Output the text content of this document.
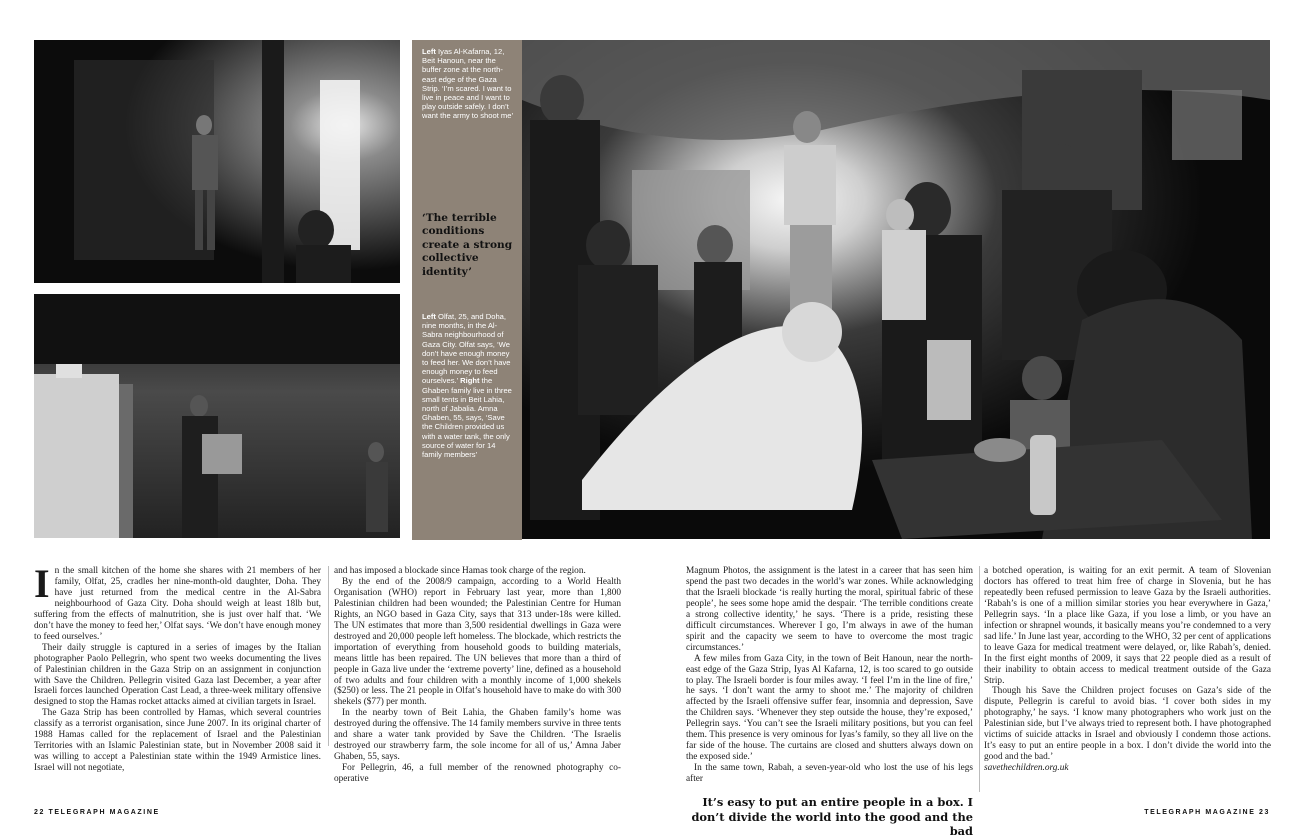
Left Iyas Al-Kafarna, 12, Beit Hanoun, near the buffer zone at the north-east edge of the Gaza Strip. ‘I’m scared. I want to live in peace and I want to play outside safely. I don’t want the army to shoot me’
‘The terrible conditions create a strong collective identity’
Left Olfat, 25, and Doha, nine months, in the Al-Sabra neighbourhood of Gaza City. Olfat says, ‘We don’t have enough money to feed her. We don’t have enough money to feed ourselves.’ Right the Ghaben family live in three small tents in Beit Lahia, north of Jabalia. Amna Ghaben, 55, says, ‘Save the Children provided us with a water tank, the only source of water for 14 family members’

In the small kitchen of the home she shares with 21 members of her family, Olfat, 25, cradles her nine-month-old daughter, Doha. They have just returned from the medical centre in the Al-Sabra neighbourhood of Gaza City. Doha should weigh at least 18lb but, suffering from the effects of malnutrition, she is just over half that. ‘We don’t have the money to feed her,’ Olfat says. ‘We don’t have enough money to feed ourselves.’

Their daily struggle is captured in a series of images by the Italian photographer Paolo Pellegrin, who spent two weeks documenting the lives of Palestinian children in the Gaza Strip on an assignment in conjunction with Save the Children. Pellegrin visited Gaza last December, a year after Israeli forces launched Operation Cast Lead, a three-week military offensive designed to stop the Hamas rocket attacks aimed at civilian targets in Israel.

The Gaza Strip has been controlled by Hamas, which several countries classify as a terrorist organisation, since June 2007. In its original charter of 1988 Hamas called for the replacement of Israel and the Palestinian Territories with an Islamic Palestinian state, but in November 2008 said it was willing to accept a Palestinian state within the 1949 Armistice lines. Israel will not negotiate,

and has imposed a blockade since Hamas took charge of the region.

By the end of the 2008/9 campaign, according to a World Health Organisation (WHO) report in February last year, more than 1,800 Palestinian children had been wounded; the Palestinian Centre for Human Rights, an NGO based in Gaza City, says that 313 under-18s were killed. The UN estimates that more than 3,500 residential dwellings in Gaza were destroyed and 20,000 people left homeless. The blockade, which restricts the importation of everything from household goods to building materials, means little has been repaired. The UN believes that more than a third of people in Gaza live under the ‘extreme poverty’ line, defined as a household of two adults and four children with a monthly income of 1,000 shekels ($250) or less. The 21 people in Olfat’s household have to make do with 300 shekels ($77) per month.

In the nearby town of Beit Lahia, the Ghaben family’s home was destroyed during the offensive. The 14 family members survive in three tents and share a water tank provided by Save the Children. ‘The Israelis destroyed our strawberry farm, the sole income for all of us,’ Amna Jaber Ghaben, 55, says.

For Pellegrin, 46, a full member of the renowned photography co-operative

Magnum Photos, the assignment is the latest in a career that has seen him spend the past two decades in the world’s war zones. While acknowledging that the Israeli blockade ‘is really hurting the moral, spiritual fabric of these people’, he sees some hope amid the despair. ‘The terrible conditions create a strong collective identity,’ he says. ‘There is a pride, resisting these difficult circumstances. Wherever I go, I’m always in awe of the human spirit and the capacity we seem to have to overcome the most tragic circumstances.’

A few miles from Gaza City, in the town of Beit Hanoun, near the north-east edge of the Gaza Strip, Iyas Al Kafarna, 12, is too scared to go outside to play. The Israeli border is four miles away. ‘I feel I’m in the line of fire,’ he says. ‘I don’t want the army to shoot me.’ The majority of children affected by the Israeli offensive suffer fear, insomnia and depression, Save the Children says. ‘Whenever they step outside the house, they’re exposed,’ Pellegrin says. ‘You can’t see the Israeli military positions, but you can feel them. This presence is very ominous for Iyas’s family, so they all live on the far side of the house. The curtains are closed and shutters always down on the exposed side.’

In the same town, Rabah, a seven-year-old who lost the use of his legs after

a botched operation, is waiting for an exit permit. A team of Slovenian doctors has offered to treat him free of charge in Slovenia, but he has repeatedly been refused permission to leave Gaza by the Israeli authorities. ‘Rabah’s is one of a million similar stories you hear everywhere in Gaza,’ Pellegrin says. ‘In a place like Gaza, if you lose a limb, or you have an infection or shrapnel wounds, it basically means you’re condemned to a very sad life.’ In June last year, according to the WHO, 32 per cent of applications to leave Gaza for medical treatment were delayed, or, like Rabah’s, denied. In the first eight months of 2009, it says that 22 people died as a result of their inability to obtain access to medical treatment outside of the Gaza Strip.

Though his Save the Children project focuses on Gaza’s side of the dispute, Pellegrin is careful to avoid bias. ‘I cover both sides in my photography,’ he says. ‘I know many photographers who work just on the Palestinian side, but I’ve always tried to represent both. I have photographed victims of suicide attacks in Israel and obviously I condemn those actions. It’s easy to put an entire people in a box. I don’t divide the world into the good and the bad.’

savethechildren.org.uk

It’s easy to put an entire people in a box. I don’t divide the world into the good and the bad
22 TELEGRAPH MAGAZINE	TELEGRAPH MAGAZINE 23
